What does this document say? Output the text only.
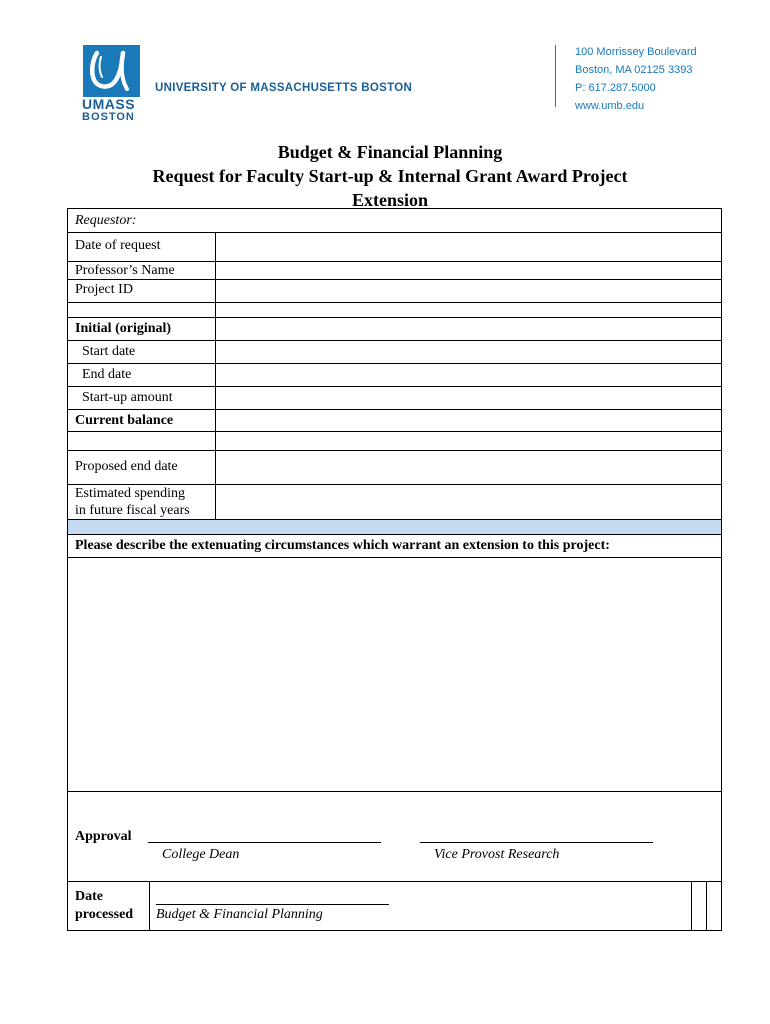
UMASS
BOSTON
UNIVERSITY OF MASSACHUSETTS BOSTON
100 Morrissey Boulevard
Boston, MA 02125 3393
P: 617.287.5000
www.umb.edu
Budget & Financial Planning
Request for Faculty Start-up & Internal Grant Award Project
Extension
Requestor:
Date of request
Professor’s Name
Project ID
Initial (original)
Start date
End date
Start-up amount
Current balance
Proposed end date
Estimated spending
in future fiscal years
Please describe the extenuating circumstances which warrant an extension to this project:
Approval
College Dean	Vice Provost Research
Date
processed Budget & Financial Planning
